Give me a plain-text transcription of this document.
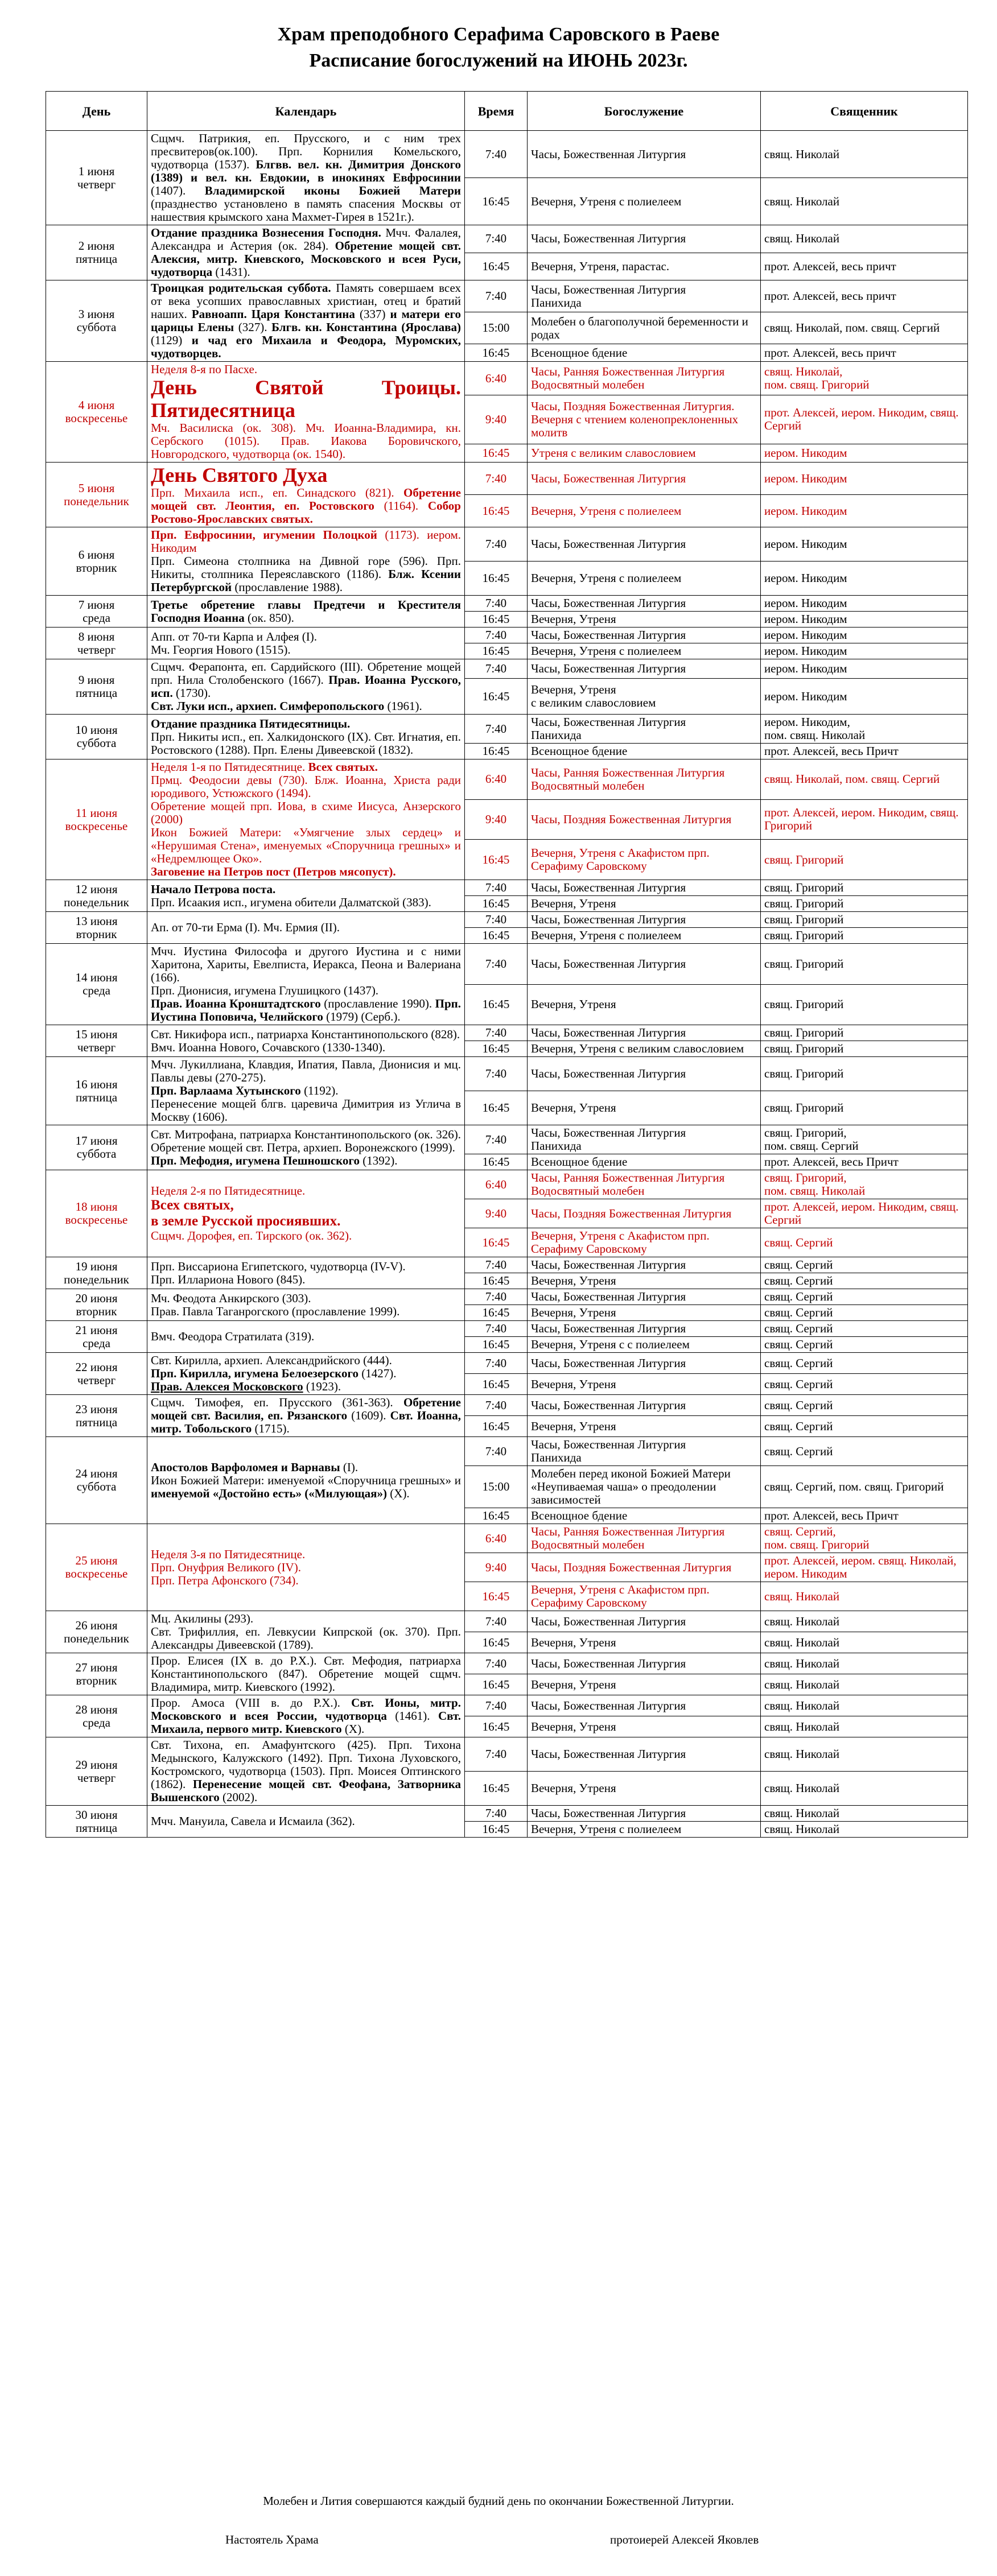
Храм преподобного Серафима Саровского в Раеве
Расписание богослужений на ИЮНЬ 2023г.
День	Календарь	Время	Богослужение	Священник
1 июня
четверг	Сщмч. Патрикия, еп. Прусского, и с ним трех пресвитеров(ок.100). Прп. Корнилия Комельского, чудотворца (1537). Блгвв. вел. кн. Димитрия Донского (1389) и вел. кн. Евдокии, в инокинях Евфросинии (1407). Владимирской иконы Божией Матери (празднество установлено в память спасения Москвы от нашествия крымского хана Махмет-Гирея в 1521г.).	7:40	Часы, Божественная Литургия	свящ. Николай
		16:45	Вечерня, Утреня с полиелеем	свящ. Николай
2 июня
пятница	Отдание праздника Вознесения Господня. Мчч. Фалалея, Александра и Астерия (ок. 284). Обретение мощей свт. Алексия, митр. Киевского, Московского и всея Руси, чудотворца (1431).	7:40	Часы, Божественная Литургия	свящ. Николай
		16:45	Вечерня, Утреня, парастас.	прот. Алексей, весь причт
3 июня
суббота	Троицкая родительская суббота. Память совершаем всех от века усопших православных христиан, отец и братий наших. Равноапп. Царя Константина (337) и матери его царицы Елены (327). Блгв. кн. Константина (Ярослава) (1129) и чад его Михаила и Феодора, Муромских, чудотворцев.	7:40	Часы, Божественная Литургия
Панихида	прот. Алексей, весь причт
		15:00	Молебен о благополучной беременности и родах	свящ. Николай, пом. свящ. Сергий
		16:45	Всенощное бдение	прот. Алексей, весь причт
4 июня
воскресенье	Неделя 8-я по Пасхе.
День Святой Троицы. Пятидесятница
Мч. Василиска (ок. 308). Мч. Иоанна-Владимира, кн. Сербского (1015). Прав. Иакова Боровичского, Новгородского, чудотворца (ок. 1540).	6:40	Часы, Ранняя Божественная Литургия
Водосвятный молебен	свящ. Николай,
пом. свящ. Григорий
		9:40	Часы, Поздняя Божественная Литургия. Вечерня с чтением коленопреклоненных молитв	прот. Алексей, иером. Никодим, свящ. Сергий
		16:45	Утреня с великим славословием	иером. Никодим
5 июня
понедельник	День Святого Духа
Прп. Михаила исп., еп. Синадского (821). Обретение мощей свт. Леонтия, еп. Ростовского (1164). Собор Ростово-Ярославских святых.	7:40	Часы, Божественная Литургия	иером. Никодим
		16:45	Вечерня, Утреня с полиелеем	иером. Никодим
6 июня
вторник	Прп. Евфросинии, игумении Полоцкой (1173). иером. Никодим
Прп. Симеона столпника на Дивной горе (596). Прп. Никиты, столпника Переяславского (1186). Блж. Ксении Петербургской (прославление 1988).	7:40	Часы, Божественная Литургия	иером. Никодим
		16:45	Вечерня, Утреня с полиелеем	иером. Никодим
7 июня
среда	Третье обретение главы Предтечи и Крестителя Господня Иоанна (ок. 850).	7:40	Часы, Божественная Литургия	иером. Никодим
		16:45	Вечерня, Утреня	иером. Никодим
8 июня
четверг	Апп. от 70-ти Карпа и Алфея (I).
Мч. Георгия Нового (1515).	7:40	Часы, Божественная Литургия	иером. Никодим
		16:45	Вечерня, Утреня с полиелеем	иером. Никодим
9 июня
пятница	Сщмч. Ферапонта, еп. Сардийского (III). Обретение мощей прп. Нила Столобенского (1667). Прав. Иоанна Русского, исп. (1730).
Свт. Луки исп., архиеп. Симферопольского (1961).	7:40	Часы, Божественная Литургия	иером. Никодим
		16:45	Вечерня, Утреня
с великим славословием	иером. Никодим
10 июня
суббота	Отдание праздника Пятидесятницы.
Прп. Никиты исп., еп. Халкидонского (IX). Свт. Игнатия, еп. Ростовского (1288). Прп. Елены Дивеевской (1832).	7:40	Часы, Божественная Литургия
Панихида	иером. Никодим,
пом. свящ. Николай
		16:45	Всенощное бдение	прот. Алексей, весь Причт
11 июня
воскресенье	Неделя 1-я по Пятидесятнице. Всех святых.
Прмц. Феодосии девы (730). Блж. Иоанна, Христа ради юродивого, Устюжского (1494).
Обретение мощей прп. Иова, в схиме Иисуса, Анзерского (2000)
Икон Божией Матери: «Умягчение злых сердец» и «Нерушимая Стена», именуемых «Споручница грешных» и «Недремлющее Око».
Заговение на Петров пост (Петров мясопуст).	6:40	Часы, Ранняя Божественная Литургия
Водосвятный молебен	свящ. Николай, пом. свящ. Сергий
		9:40	Часы, Поздняя Божественная Литургия	прот. Алексей, иером. Никодим, свящ. Григорий
		16:45	Вечерня, Утреня с Акафистом прп. Серафиму Саровскому	свящ. Григорий
12 июня
понедельник	Начало Петрова поста.
Прп. Исаакия исп., игумена обители Далматской (383).	7:40	Часы, Божественная Литургия	свящ. Григорий
		16:45	Вечерня, Утреня	свящ. Григорий
13 июня
вторник	Ап. от 70-ти Ерма (I). Мч. Ермия (II).	7:40	Часы, Божественная Литургия	свящ. Григорий
		16:45	Вечерня, Утреня с полиелеем	свящ. Григорий
14 июня
среда	Мчч. Иустина Философа и другого Иустина и с ними Харитона, Хариты, Евелписта, Иеракса, Пеона и Валериана (166).
Прп. Дионисия, игумена Глушицкого (1437).
Прав. Иоанна Кронштадтского (прославление 1990). Прп. Иустина Поповича, Челийского (1979) (Серб.).	7:40	Часы, Божественная Литургия	свящ. Григорий
		16:45	Вечерня, Утреня	свящ. Григорий
15 июня
четверг	Свт. Никифора исп., патриарха Константинопольского (828).
Вмч. Иоанна Нового, Сочавского (1330-1340).	7:40	Часы, Божественная Литургия	свящ. Григорий
		16:45	Вечерня, Утреня с великим славословием	свящ. Григорий
16 июня
пятница	Мчч. Лукиллиана, Клавдия, Ипатия, Павла, Дионисия и мц. Павлы девы (270-275).
Прп. Варлаама Хутынского (1192).
Перенесение мощей блгв. царевича Димитрия из Углича в Москву (1606).	7:40	Часы, Божественная Литургия	свящ. Григорий
		16:45	Вечерня, Утреня	свящ. Григорий
17 июня
суббота	Свт. Митрофана, патриарха Константинопольского (ок. 326). Обретение мощей свт. Петра, архиеп. Воронежского (1999).
Прп. Мефодия, игумена Пешношского (1392).	7:40	Часы, Божественная Литургия
Панихида	свящ. Григорий,
пом. свящ. Сергий
		16:45	Всенощное бдение	прот. Алексей, весь Причт
18 июня
воскресенье	Неделя 2-я по Пятидесятнице.
Всех святых,
в земле Русской просиявших.
Сщмч. Дорофея, еп. Тирского (ок. 362).	6:40	Часы, Ранняя Божественная Литургия
Водосвятный молебен	свящ. Григорий,
пом. свящ. Николай
		9:40	Часы, Поздняя Божественная Литургия	прот. Алексей, иером. Никодим, свящ. Сергий
		16:45	Вечерня, Утреня с Акафистом прп. Серафиму Саровскому	свящ. Сергий
19 июня
понедельник	Прп. Виссариона Египетского, чудотворца (IV-V).
Прп. Иллариона Нового (845).	7:40	Часы, Божественная Литургия	свящ. Сергий
		16:45	Вечерня, Утреня	свящ. Сергий
20 июня
вторник	Мч. Феодота Анкирского (303).
Прав. Павла Таганрогского (прославление 1999).	7:40	Часы, Божественная Литургия	свящ. Сергий
		16:45	Вечерня, Утреня	свящ. Сергий
21 июня
среда	Вмч. Феодора Стратилата (319).	7:40	Часы, Божественная Литургия	свящ. Сергий
		16:45	Вечерня, Утреня с с полиелеем	свящ. Сергий
22 июня
четверг	Свт. Кирилла, архиеп. Александрийского (444).
Прп. Кирилла, игумена Белоезерского (1427).
Прав. Алексея Московского (1923).	7:40	Часы, Божественная Литургия	свящ. Сергий
		16:45	Вечерня, Утреня	свящ. Сергий
23 июня
пятница	Сщмч. Тимофея, еп. Прусского (361-363). Обретение мощей свт. Василия, еп. Рязанского (1609). Свт. Иоанна, митр. Тобольского (1715).	7:40	Часы, Божественная Литургия	свящ. Сергий
		16:45	Вечерня, Утреня	свящ. Сергий
24 июня
суббота	Апостолов Варфоломея и Варнавы (I).
Икон Божией Матери: именуемой «Споручница грешных» и именуемой «Достойно есть» («Милующая») (X).	7:40	Часы, Божественная Литургия
Панихида	свящ. Сергий
		15:00	Молебен перед иконой Божией Матери «Неупиваемая чаша» о преодолении зависимостей	свящ. Сергий, пом. свящ. Григорий
		16:45	Всенощное бдение	прот. Алексей, весь Причт
25 июня
воскресенье	Неделя 3-я по Пятидесятнице.
Прп. Онуфрия Великого (IV).
Прп. Петра Афонского (734).	6:40	Часы, Ранняя Божественная Литургия
Водосвятный молебен	свящ. Сергий,
пом. свящ. Григорий
		9:40	Часы, Поздняя Божественная Литургия	прот. Алексей, иером. свящ. Николай, иером. Никодим
		16:45	Вечерня, Утреня с Акафистом прп. Серафиму Саровскому	свящ. Николай
26 июня
понедельник	Мц. Акилины (293).
Свт. Трифиллия, еп. Левкусии Кипрской (ок. 370). Прп. Александры Дивеевской (1789).	7:40	Часы, Божественная Литургия	свящ. Николай
		16:45	Вечерня, Утреня	свящ. Николай
27 июня
вторник	Прор. Елисея (IX в. до Р.Х.). Свт. Мефодия, патриарха Константинопольского (847). Обретение мощей сщмч. Владимира, митр. Киевского (1992).	7:40	Часы, Божественная Литургия	свящ. Николай
		16:45	Вечерня, Утреня	свящ. Николай
28 июня
среда	Прор. Амоса (VIII в. до Р.Х.). Свт. Ионы, митр. Московского и всея России, чудотворца (1461). Свт. Михаила, первого митр. Киевского (X).	7:40	Часы, Божественная Литургия	свящ. Николай
		16:45	Вечерня, Утреня	свящ. Николай
29 июня
четверг	Свт. Тихона, еп. Амафунтского (425). Прп. Тихона Медынского, Калужского (1492). Прп. Тихона Луховского, Костромского, чудотворца (1503). Прп. Моисея Оптинского (1862). Перенесение мощей свт. Феофана, Затворника Вышенского (2002).	7:40	Часы, Божественная Литургия	свящ. Николай
		16:45	Вечерня, Утреня	свящ. Николай
30 июня
пятница	Мчч. Мануила, Савела и Исмаила (362).	7:40	Часы, Божественная Литургия	свящ. Николай
		16:45	Вечерня, Утреня с полиелеем	свящ. Николай
Молебен и Лития совершаются каждый будний день по окончании Божественной Литургии.
Настоятель Храма	протоиерей Алексей Яковлев
